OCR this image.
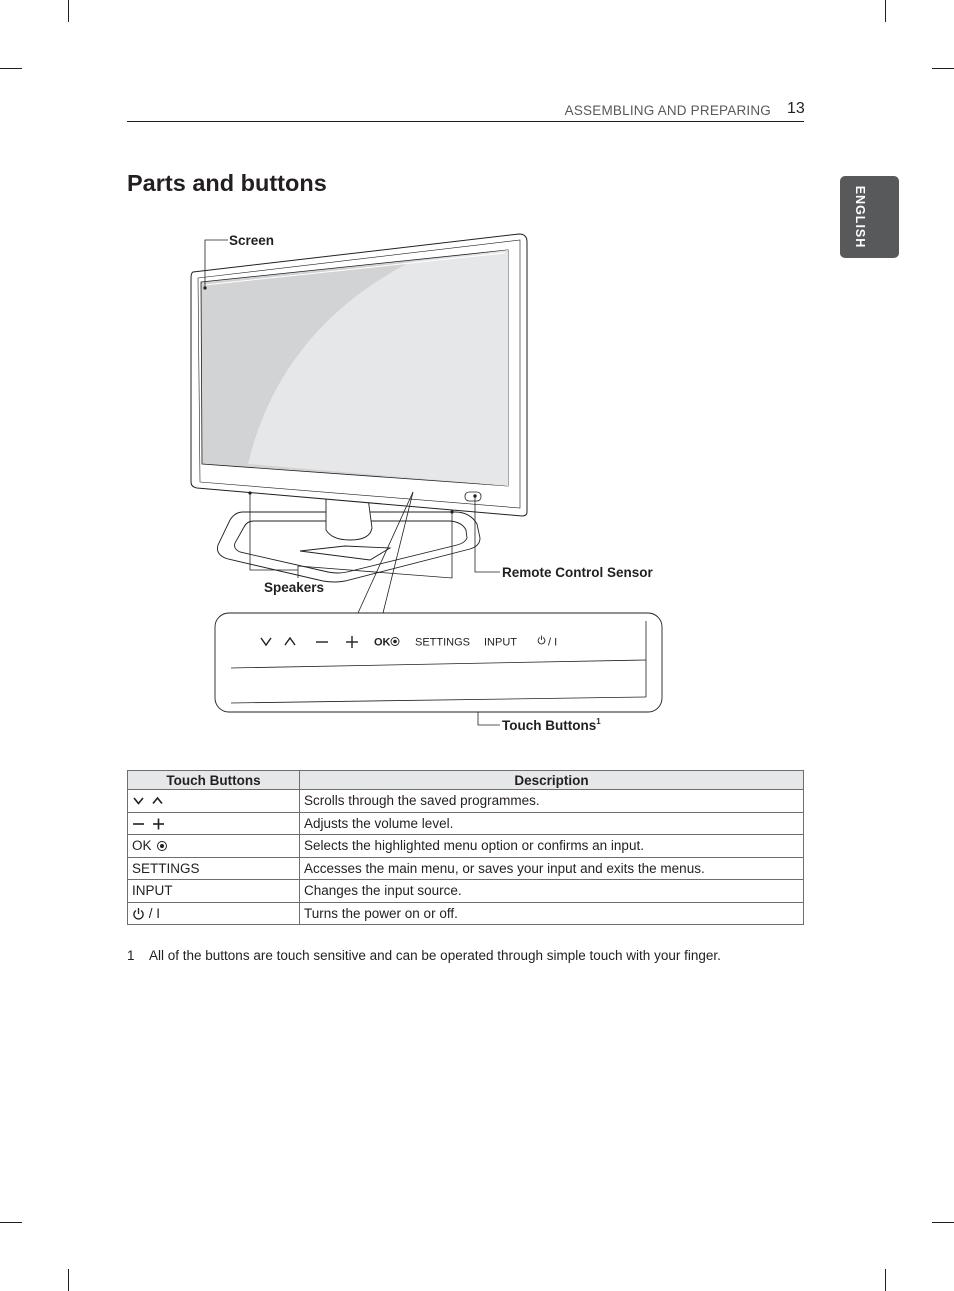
ASSEMBLING AND PREPARING 13
ENGLISH
Parts and buttons
Screen
Speakers
Remote Control Sensor
Touch Buttons$^1$
OK SETTINGS INPUT	/ I
Touch Buttons	Description
	Scrolls through the saved programmes.
	Adjusts the volume level.
OK	Selects the highlighted menu option or confirms an input.
SETTINGS	Accesses the main menu, or saves your input and exits the menus.
INPUT	Changes the input source.
/ I	Turns the power on or off.
1 All of the buttons are touch sensitive and can be operated through simple touch with your finger.
